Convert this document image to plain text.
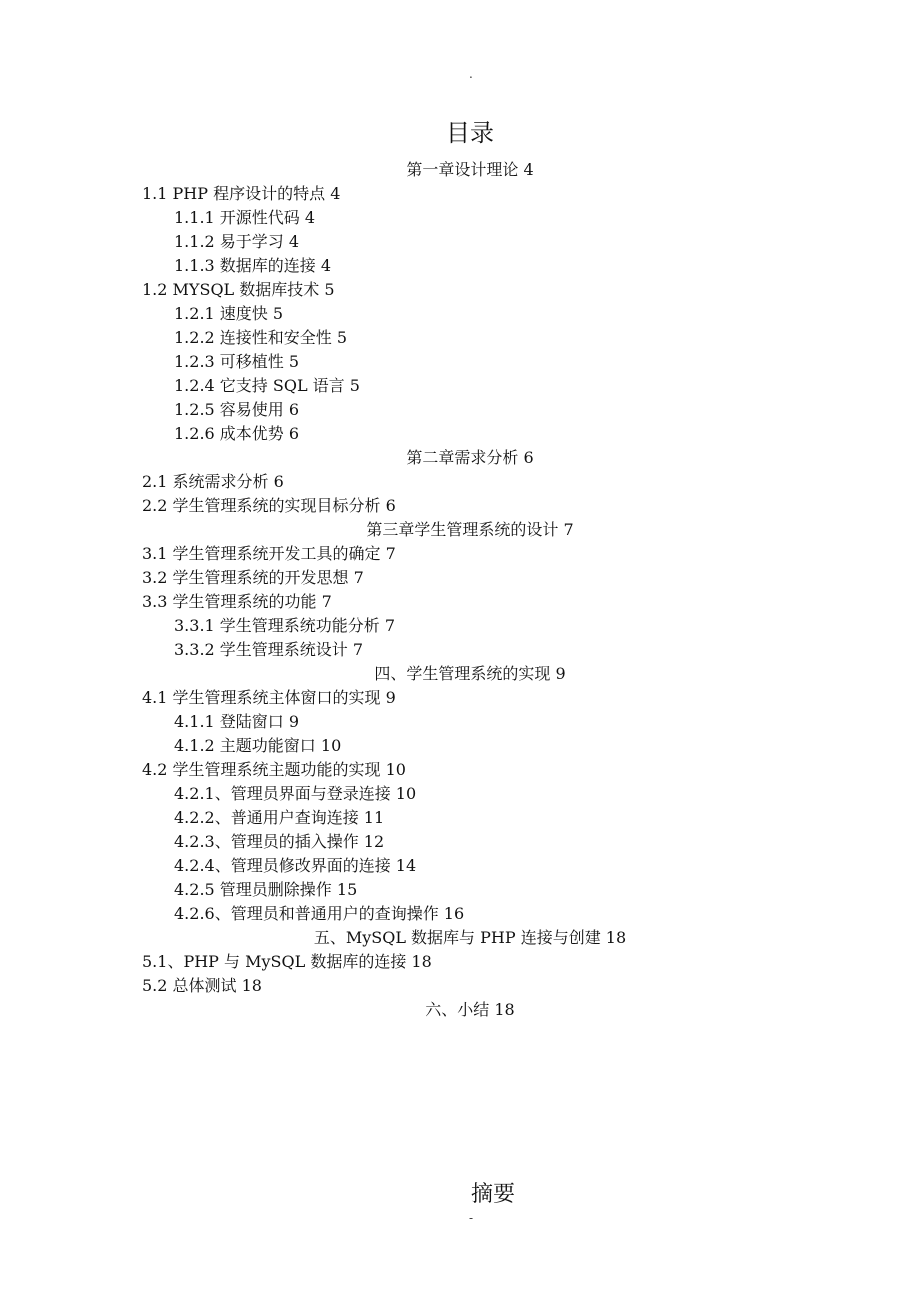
.
目录
第一章设计理论 4
1.1 PHP 程序设计的特点 4
1.1.1 开源性代码 4
1.1.2 易于学习 4
1.1.3 数据库的连接 4
1.2 MYSQL 数据库技术 5
1.2.1 速度快 5
1.2.2 连接性和安全性 5
1.2.3 可移植性 5
1.2.4 它支持 SQL 语言 5
1.2.5 容易使用 6
1.2.6 成本优势 6
第二章需求分析 6
2.1 系统需求分析 6
2.2 学生管理系统的实现目标分析 6
第三章学生管理系统的设计 7
3.1 学生管理系统开发工具的确定 7
3.2 学生管理系统的开发思想 7
3.3 学生管理系统的功能 7
3.3.1 学生管理系统功能分析 7
3.3.2 学生管理系统设计 7
四、学生管理系统的实现 9
4.1 学生管理系统主体窗口的实现 9
4.1.1 登陆窗口 9
4.1.2 主题功能窗口 10
4.2 学生管理系统主题功能的实现 10
4.2.1、管理员界面与登录连接 10
4.2.2、普通用户查询连接 11
4.2.3、管理员的插入操作 12
4.2.4、管理员修改界面的连接 14
4.2.5 管理员删除操作 15
4.2.6、管理员和普通用户的查询操作 16
五、MySQL 数据库与 PHP 连接与创建 18
5.1、PHP 与 MySQL 数据库的连接 18
5.2 总体测试 18
六、小结 18
摘要
-
